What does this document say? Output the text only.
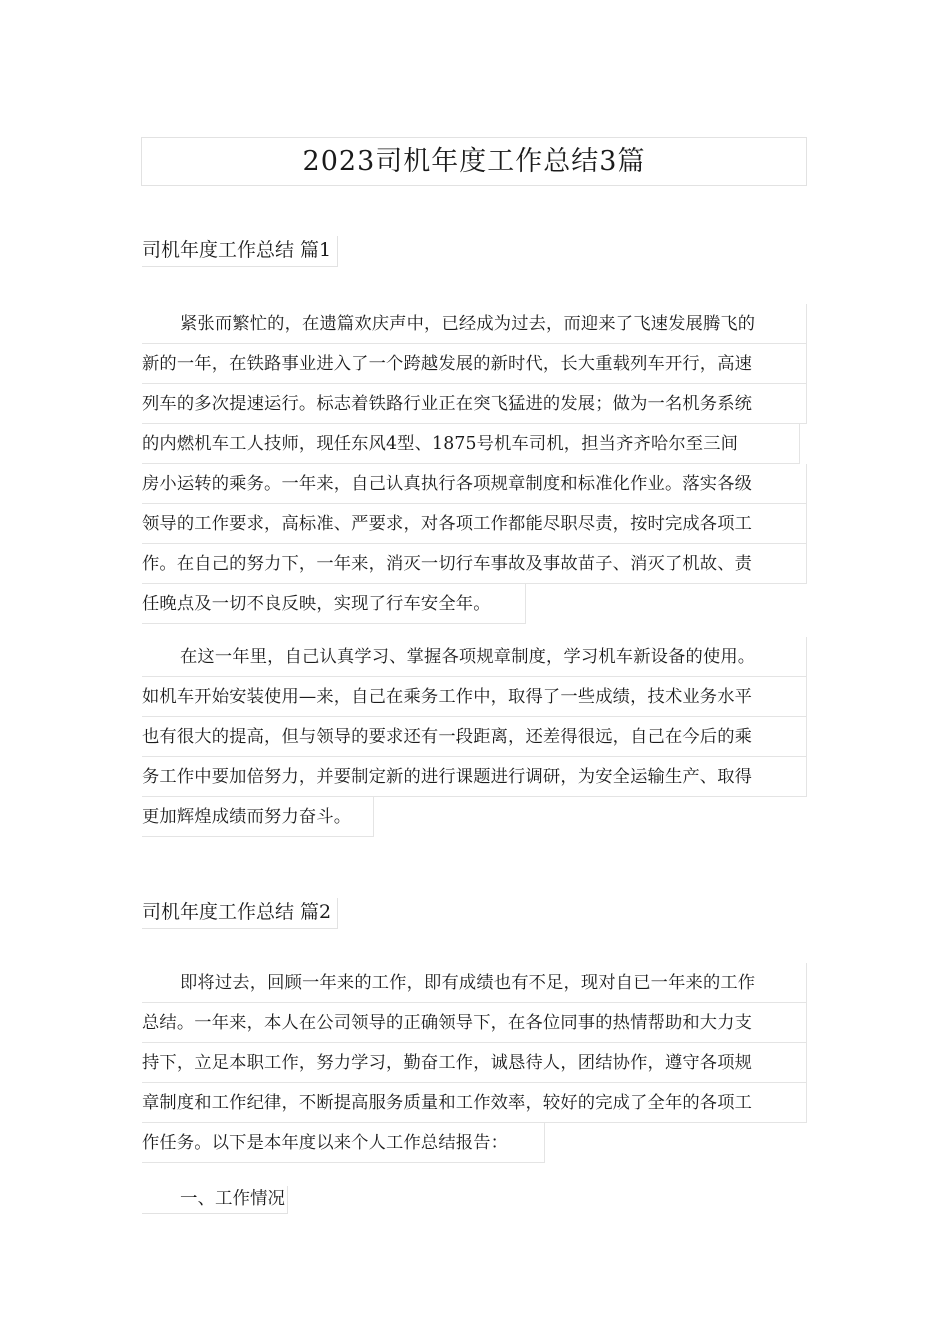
2023司机年度工作总结3篇
司机年度工作总结 篇1
紧张而繁忙的，在遗篇欢庆声中，已经成为过去，而迎来了飞速发展腾飞的
新的一年，在铁路事业进入了一个跨越发展的新时代，长大重载列车开行，高速
列车的多次提速运行。标志着铁路行业正在突飞猛进的发展；做为一名机务系统
的内燃机车工人技师，现任东风4型、1875号机车司机，担当齐齐哈尔至三间
房小运转的乘务。一年来，自己认真执行各项规章制度和标准化作业。落实各级
领导的工作要求，高标准、严要求，对各项工作都能尽职尽责，按时完成各项工
作。在自己的努力下，一年来，消灭一切行车事故及事故苗子、消灭了机故、责
任晚点及一切不良反映，实现了行车安全年。
在这一年里，自己认真学习、掌握各项规章制度，学习机车新设备的使用。
如机车开始安装使用—来，自己在乘务工作中，取得了一些成绩，技术业务水平
也有很大的提高，但与领导的要求还有一段距离，还差得很远，自己在今后的乘
务工作中要加倍努力，并要制定新的进行课题进行调研，为安全运输生产、取得
更加辉煌成绩而努力奋斗。
司机年度工作总结 篇2
即将过去，回顾一年来的工作，即有成绩也有不足，现对自已一年来的工作
总结。一年来，本人在公司领导的正确领导下，在各位同事的热情帮助和大力支
持下，立足本职工作，努力学习，勤奋工作，诚恳待人，团结协作，遵守各项规
章制度和工作纪律，不断提高服务质量和工作效率，较好的完成了全年的各项工
作任务。以下是本年度以来个人工作总结报告：
一、工作情况
